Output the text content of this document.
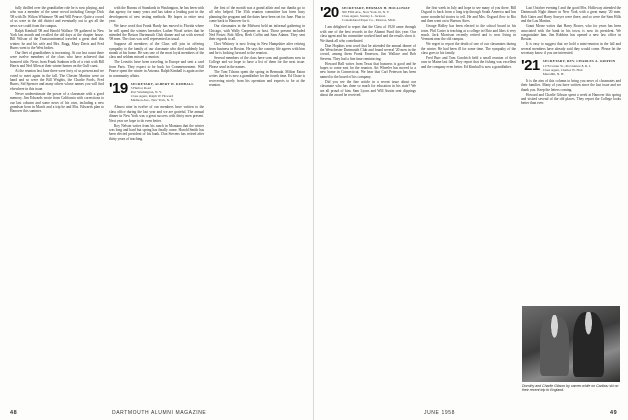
fully thrilled over the grandfather role he is now playing, and who was a member of the same crowd including George Dick '08 with Dr. Wilton Whitmore '06 and Will Pearce. Quite a crowd of us were in the old district and eventually out to get all the news we could from the campus.

Ralph Kimball '08 and Harold Wallace '09 gathered in New York last month and recalled the old days at the chapter house. Bill Wilson of the Transcontinental traveled a great deal this winter; he and his wife and Mrs. Rugg, Mary Davis and Fred Burns went to the West Indies.

Our fleet of grandfathers is increasing. At our last count there were twelve members of the class who have achieved that honored title. News from Frank Sanborn tells of a visit with Bill Harris and Ned Allen at their winter homes on the Gulf coast.

At the reunion last June there were forty of us present and we voted to meet again in the fall. The Chester Martins were on hand and so were the Bill Wrights, the Charlie Fords, Fred Burns, Sid Spencer and many others whose names you will find elsewhere in this issue.

Never underestimate the power of a classmate with a good memory. Jim Edwards wrote from California with corrections to our last column and some news of his own, including a new grandson born in March and a trip he and Mrs. Edwards plan to Hanover this summer.

with the Bureau of Standards in Washington, he has been with that agency for many years and has taken a leading part in the development of new testing methods. He hopes to retire next year.

We have word that Frank Hardy has moved to Florida where he will spend the winters hereafter. Luther Wood writes that he attended the Boston Dartmouth Club dinner and sat with several '08 men. The class was well represented as usual.

Suppose all members of the Class will join in offering sympathy to the family of our classmate who died suddenly last month at his home. He was one of the most loyal members of the class and seldom missed a reunion.

The Leavitts have been traveling in Europe and sent a card from Paris. They expect to be back for Commencement. Will Pearce spent the winter in Arizona. Ralph Kimball is again active in community affairs.

'19 SECRETARY, ALBERT W. KIMBALL
3 Harbor Road
Port Washington, N. Y.
Class Agent, Ralph W. Howard
Madison Ave., New York, N. Y.

Almost nine in twelve of our members have written to the class office during the last year and we are grateful. The annual dinner in New York was a great success with thirty men present. Next year we hope to do even better.

Roy Nelson writes from his ranch in Montana that the winter was long and hard but spring has finally come. Harold Smith has been elected president of his bank. Don Stevens has retired after thirty years of teaching.

the first of the month was a grand affair and our thanks go to all who helped. The 35th reunion committee has been busy planning the program and the dates have been set for June. Plan to come back to Hanover for it.

Our classmates in the Midwest held an informal gathering in Chicago, with Wally Carpenter as host. Those present included Ned Foster, Bob Allen, Herb Coffin and Sam Adams. They sent their regards to all.

Chet Whitney is now living in New Hampshire after retiring from business in Boston. He says the country life agrees with him and he is looking forward to the reunion.

Several members of the class have sons and grandsons now in College and we hope to have a list of them for the next issue. Please send in the names.

The Tom Tilsons spent the spring in Bermuda. Milton Eaton writes that he is now a grandfather for the fourth time. Ed Chase is recovering nicely from his operation and expects to be at the reunion.

48	DARTMOUTH ALUMNI MAGAZINE
'20 SECRETARY, HERMAN H. HOLLOWAY
300 Fifth Ave., New York 16, N. Y.
Class Agent, Stanley L. Jackson
Consolidated Paper Co., Monroe, Mich.

I am delighted to report that the Class of 1920 came through with one of the best records in the Alumni Fund this year. Our class agent and his committee worked hard and the results show it. We thank all who contributed.

Don Hopkins sent word that he attended the annual dinner of the Westchester Dartmouth Club and found several '20 men in the crowd, among them Frank Emerson, Jim Wallace and Bob Stevens. They had a fine time reminiscing.

Howard Hall writes from Texas that business is good and he hopes to come east for the reunion. Art Wheeler has moved to a new home in Connecticut. We hear that Carl Peterson has been named to the board of his company.

Did you see the fine article in a recent issue about our classmate who has done so much for education in his state? We are all proud of him. Sam Lyons and Will Austin sent clippings about the award he received.

the first week in July and hope to see many of you there. Bill Osgood is back from a long trip through South America and has some wonderful stories to tell. He and Mrs. Osgood flew to Rio and then went on to Buenos Aires.

George Ridley has been elected to the school board in his town. Phil Carter is teaching at a college in Ohio and likes it very much. Jack Morrison recently retired and is now living in Vermont near the old campus.

We regret to report the death of one of our classmates during the winter. He had been ill for some time. The sympathy of the class goes to his family.

Fred Burr and Tom Goodrich held a small reunion of their own in Maine last fall. They report that the fishing was excellent and the company even better. Ed Kimball is now a grandfather.

Last October evening I and the good Mrs. Holloway attended the Dartmouth Night dinner in New York with a great many '20 men. Bob Gates and Harry Sawyer were there, and so were the Sam Hills and the Lou Martins.

Grant Morse writes that Harry Bower, who for years has been associated with the bank in his town, is now its president. We congratulate him. Jim Robbins has opened a new law office in Boston.

It is easy to suggest that we hold a mini-reunion in the fall and several members have already said they would come. Please let the secretary know if you are interested.

'21 SECRETARY, REV. CHARLES A. GRIFFIN
1176 Center St., Providence 8, R. I.
Class Agent, Charles W. Holt
Meredith, N. H.

It is the aim of this column to bring you news of classmates and their families. Many of you have written since the last issue and we thank you. Keep the letters coming.

Howard and Charlie Gibson spent a week at Hanover this spring and visited several of the old places. They report the College looks better than ever.

Dorothy and Charlie Gibson by cameo while on Caribou ski on their recent trip to England.
JUNE 1958	49
